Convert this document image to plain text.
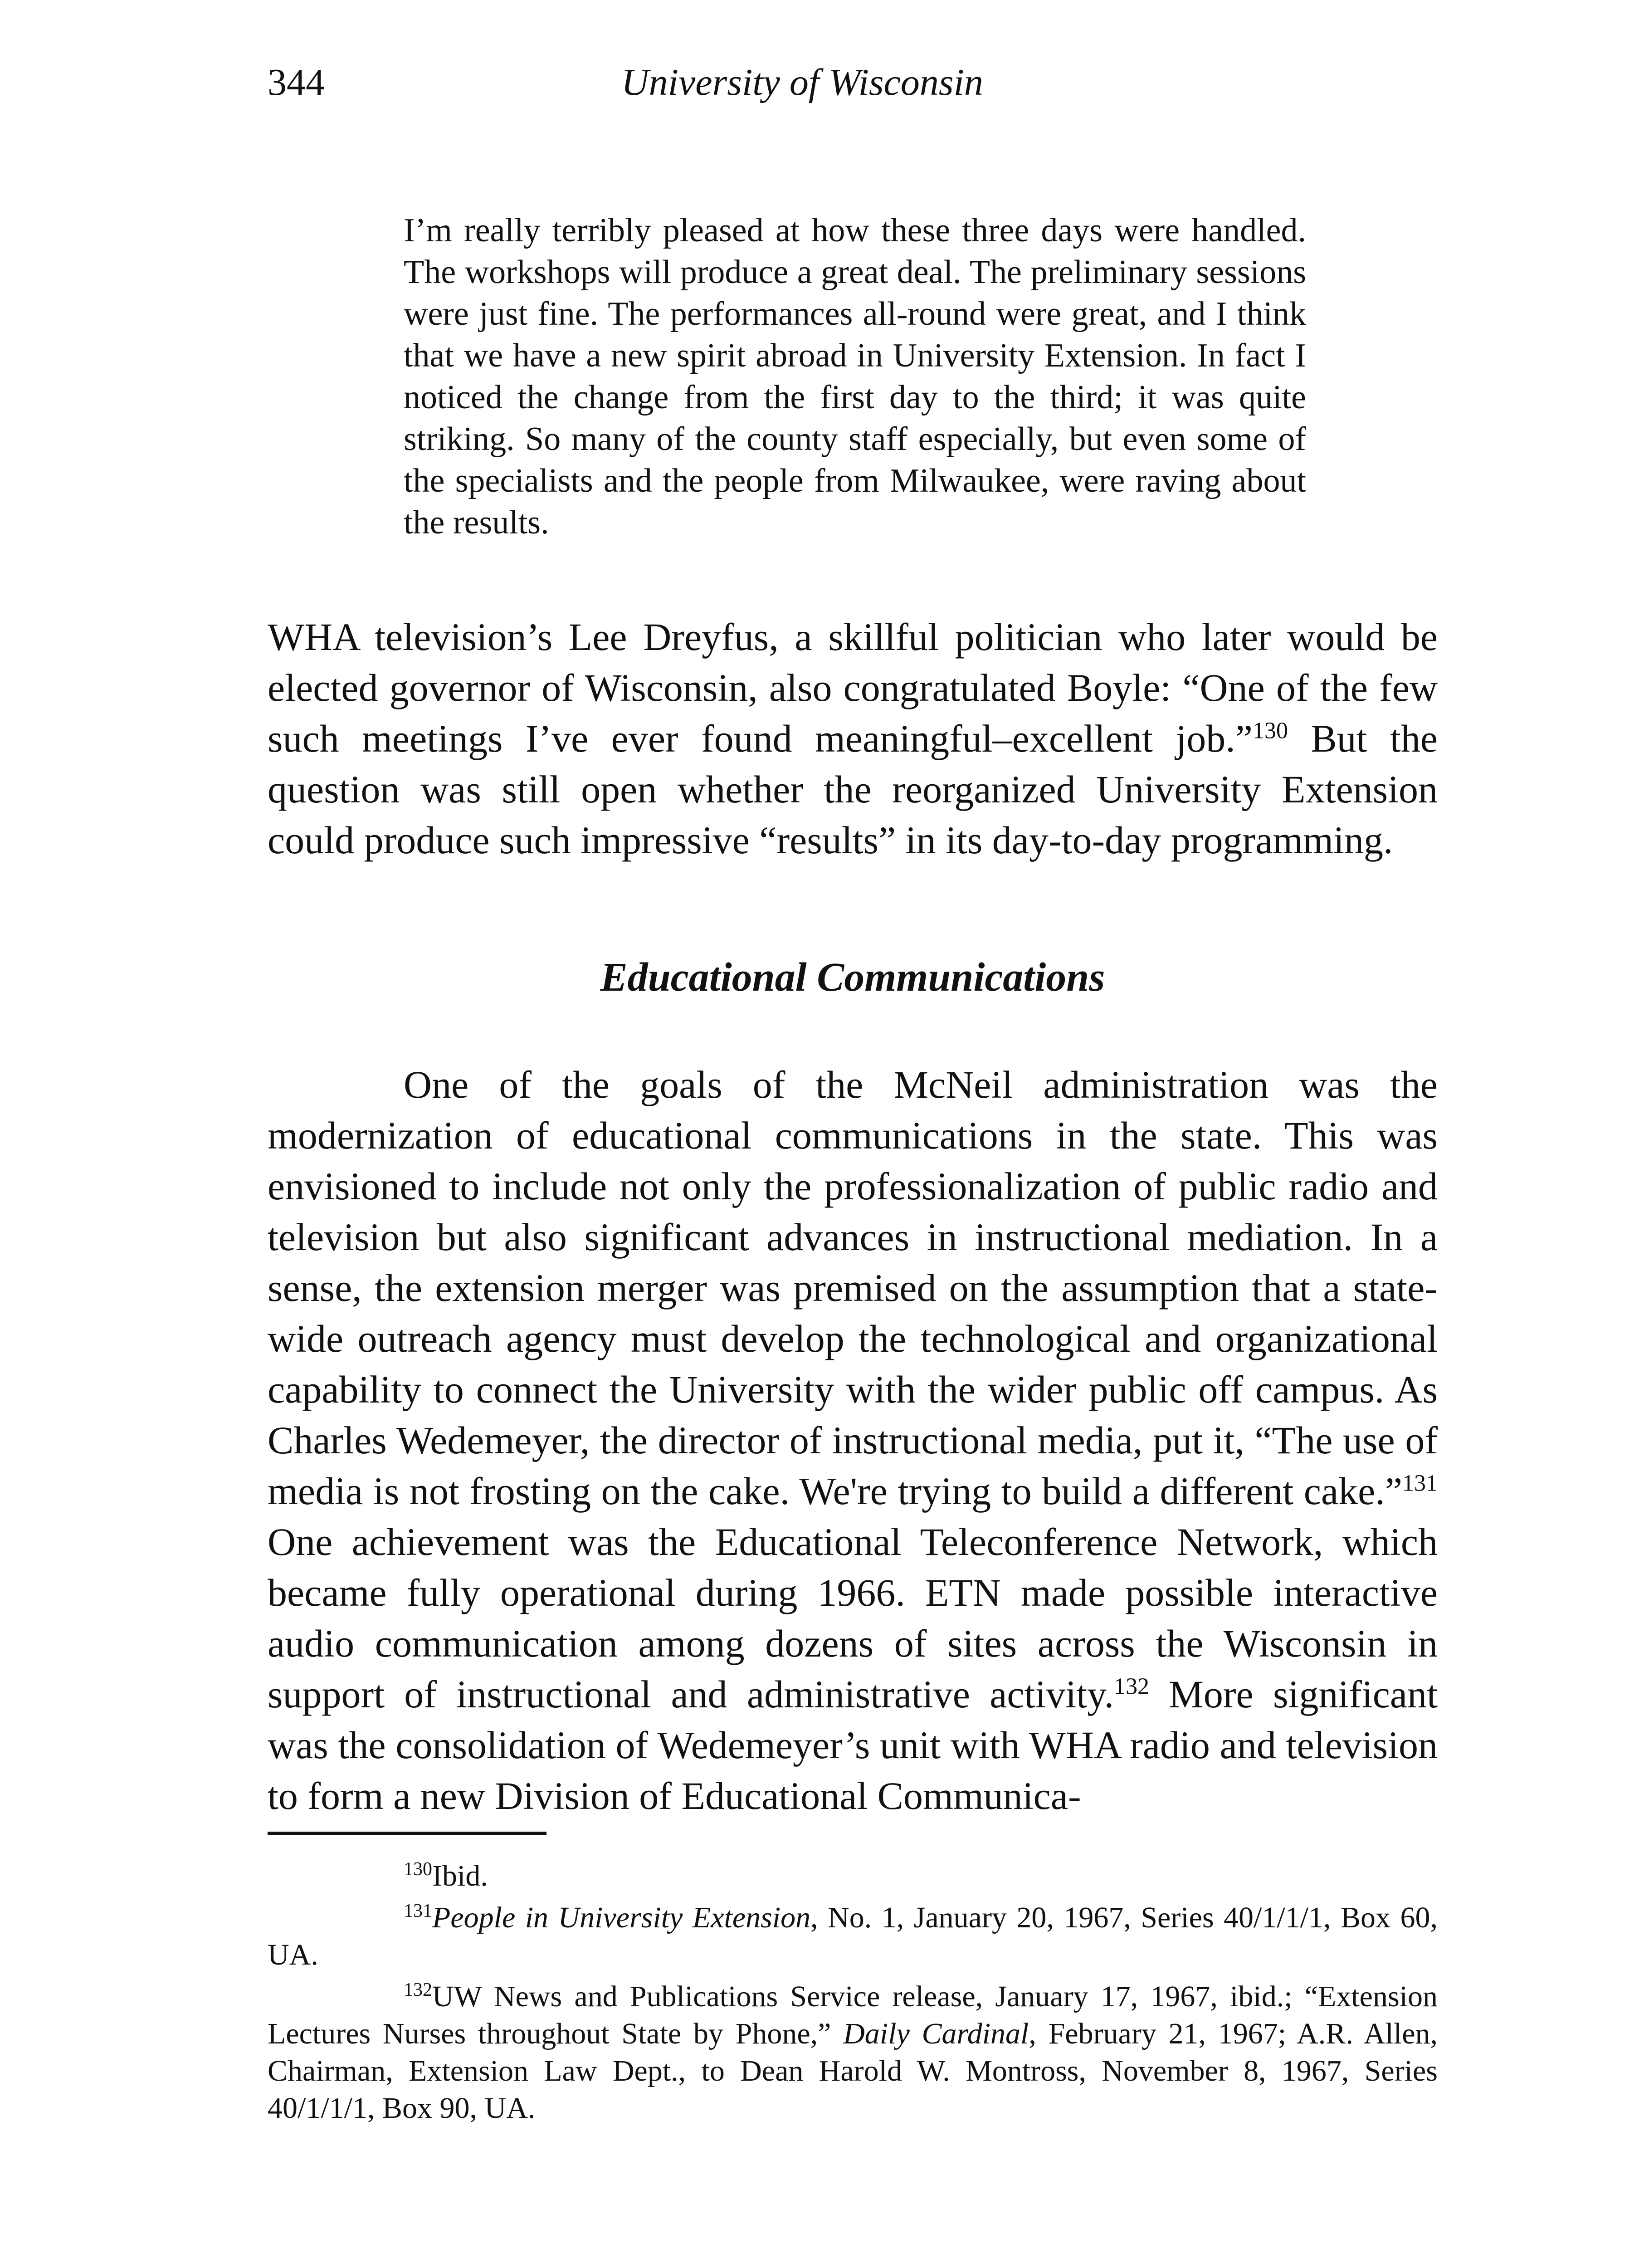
344	University of Wisconsin

I’m really terribly pleased at how these three days were handled. The workshops will produce a great deal. The preliminary sessions were just fine. The performances all-round were great, and I think that we have a new spirit abroad in University Extension. In fact I noticed the change from the first day to the third; it was quite striking. So many of the county staff especially, but even some of the specialists and the people from Milwaukee, were raving about the results.

WHA television’s Lee Dreyfus, a skillful politician who later would be elected governor of Wisconsin, also congratulated Boyle: “One of the few such meetings I’ve ever found meaningful–excellent job.”$^{130}$ But the question was still open whether the reorganized University Extension could produce such impressive “results” in its day-to-day programming.

Educational Communications

One of the goals of the McNeil administration was the modernization of educational communications in the state. This was envisioned to include not only the professionalization of public radio and television but also significant advances in instructional mediation. In a sense, the extension merger was premised on the assumption that a state-wide outreach agency must develop the technological and organizational capability to connect the University with the wider public off campus. As Charles Wedemeyer, the director of instructional media, put it, “The use of media is not frosting on the cake. We're trying to build a different cake.”$^{131}$ One achievement was the Educational Teleconference Network, which became fully operational during 1966. ETN made possible interactive audio communication among dozens of sites across the Wisconsin in support of instructional and administrative activity.$^{132}$ More significant was the consolidation of Wedemeyer’s unit with WHA radio and television to form a new Division of Educational Communica-

$^{130}$Ibid.

$^{131}$People in University Extension, No. 1, January 20, 1967, Series 40/1/1/1, Box 60, UA.

$^{132}$UW News and Publications Service release, January 17, 1967, ibid.; “Extension Lectures Nurses throughout State by Phone,” Daily Cardinal, February 21, 1967; A.R. Allen, Chairman, Extension Law Dept., to Dean Harold W. Montross, November 8, 1967, Series 40/1/1/1, Box 90, UA.
